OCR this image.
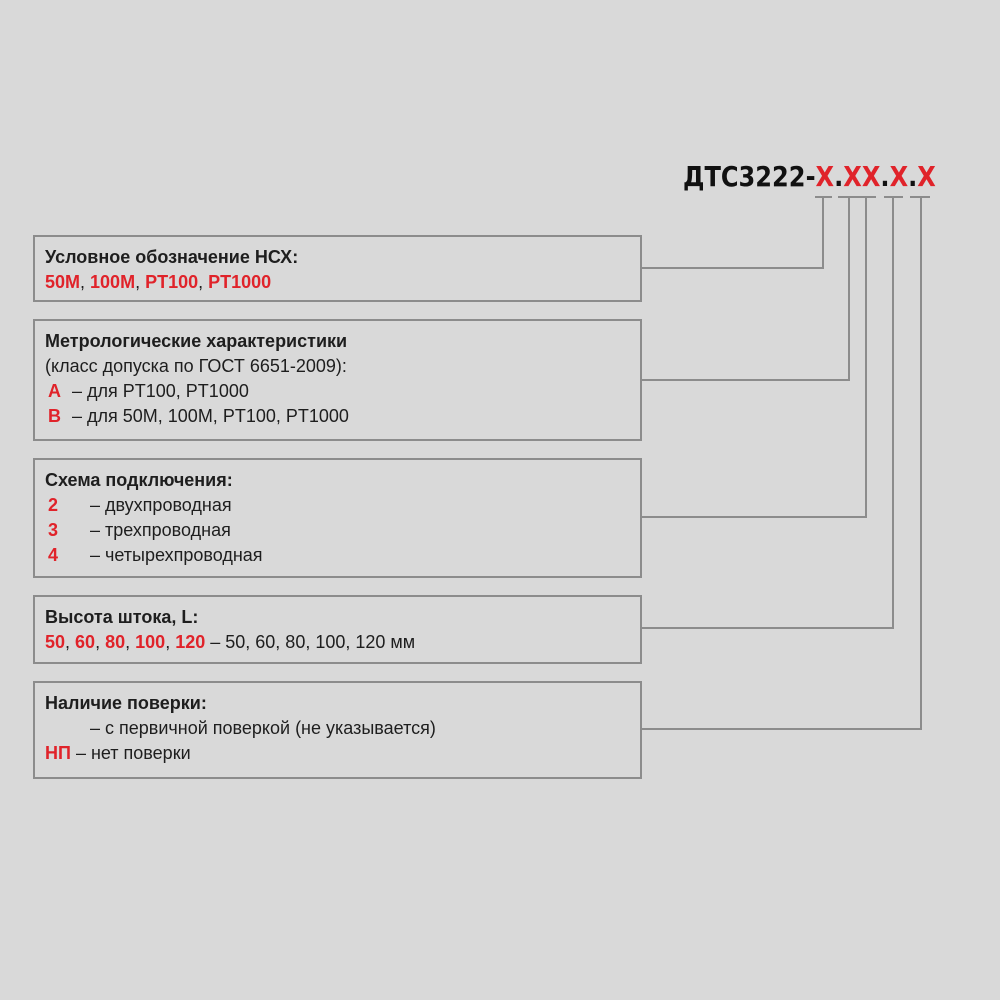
ДТС3222-X.XX.X.X
Условное обозначение НСХ:
50М, 100М, PT100, PT1000
Метрологические характеристики
(класс допуска по ГОСТ 6651-2009):
A – для PT100, PT1000
B – для 50М, 100М, PT100, PT1000
Схема подключения:
2 – двухпроводная
3 – трехпроводная
4 – четырехпроводная
Высота штока, L:
50, 60, 80, 100, 120 – 50, 60, 80, 100, 120 мм
Наличие поверки:
– с первичной поверкой (не указывается)
НП – нет поверки
